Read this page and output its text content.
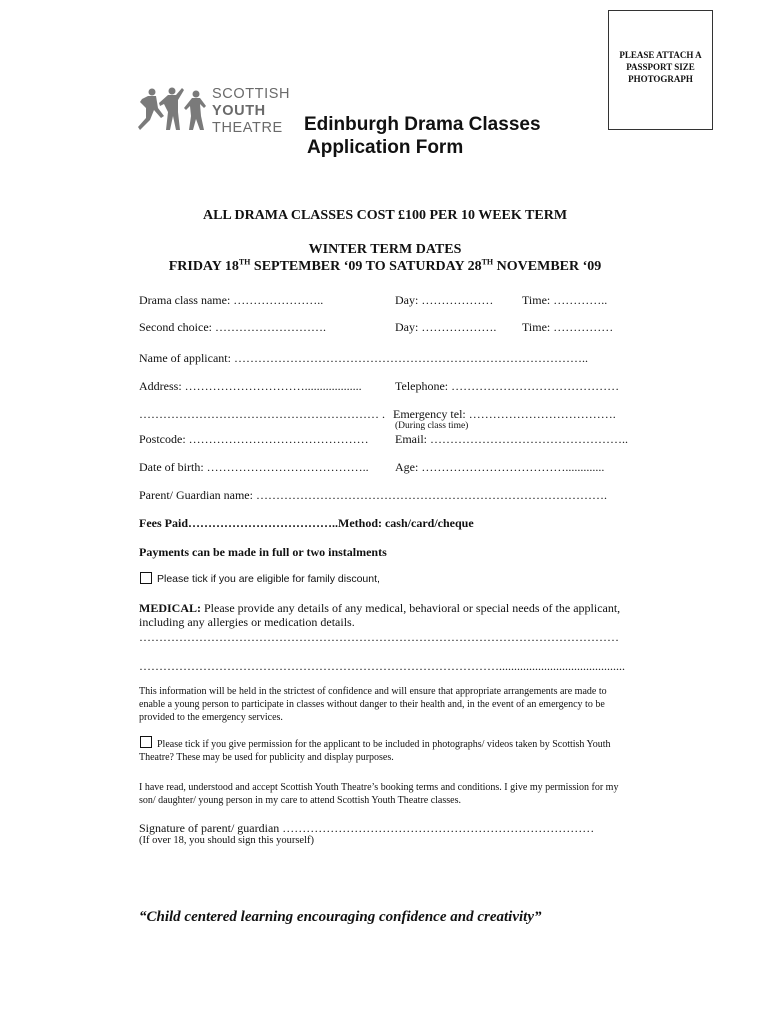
PLEASE ATTACH A PASSPORT SIZE PHOTOGRAPH
SCOTTISH
YOUTH
THEATRE	Edinburgh Drama Classes
Application Form
ALL DRAMA CLASSES COST £100 PER 10 WEEK TERM
WINTER TERM DATES
FRIDAY 18TH SEPTEMBER ‘09 TO SATURDAY 28TH NOVEMBER ‘09
Drama class name: …………………..	Day: ……………… Time: …………..
Second choice: ……………………….	Day: ………………. Time: ……………
Name of applicant: ……………………………………………………………………………..
Address: …………………………...................	Telephone: ……………………………………
…………………………………………………… . Emergency tel: ……………………………….
(During class time)
Postcode: ……………………………………… Email: …………………………………………..
Date of birth: ………………………………….. Age: ……………………………….............
Parent/ Guardian name: …………………………………………………………………………….
Fees Paid………………………………..Method: cash/card/cheque
Payments can be made in full or two instalments
Please tick if you are eligible for family discount,
MEDICAL: Please provide any details of any medical, behavioral or special needs of the applicant, including any allergies or medication details.
…………………………………………………………………………………………………………
………………………………………………………………………………..........................................
This information will be held in the strictest of confidence and will ensure that appropriate arrangements are made to enable a young person to participate in classes without danger to their health and, in the event of an emergency to be provided to the emergency services.
Please tick if you give permission for the applicant to be included in photographs/ videos taken by Scottish Youth Theatre? These may be used for publicity and display purposes.
I have read, understood and accept Scottish Youth Theatre’s booking terms and conditions. I give my permission for my son/ daughter/ young person in my care to attend Scottish Youth Theatre classes.
Signature of parent/ guardian ……………………………………………………………………
(If over 18, you should sign this yourself)
“Child centered learning encouraging confidence and creativity”
